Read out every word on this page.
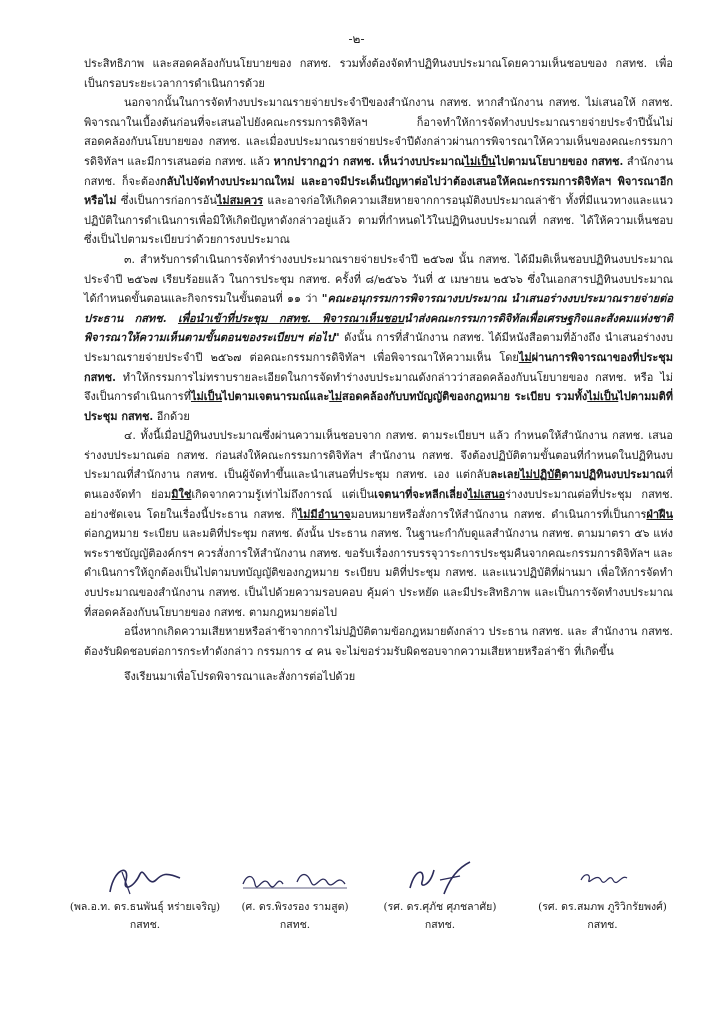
-๒-

ประสิทธิภาพ และสอดคล้องกับนโยบายของ กสทช. รวมทั้งต้องจัดทำปฏิทินงบประมาณโดยความเห็นชอบของ กสทช. เพื่อเป็นกรอบระยะเวลาการดำเนินการด้วย

นอกจากนั้นในการจัดทำงบประมาณรายจ่ายประจำปีของสำนักงาน กสทช. หากสำนักงาน กสทช. ไม่เสนอให้ กสทช. พิจารณาในเบื้องต้นก่อนที่จะเสนอไปยังคณะกรรมการดิจิทัลฯ ก็อาจทำให้การจัดทำงบประมาณรายจ่ายประจำปีนั้นไม่สอดคล้องกับนโยบายของ กสทช. และเมื่องบประมาณรายจ่ายประจำปีดังกล่าวผ่านการพิจารณาให้ความเห็นของคณะกรรมการดิจิทัลฯ และมีการเสนอต่อ กสทช. แล้ว หากปรากฏว่า กสทช. เห็นว่างบประมาณไม่เป็นไปตามนโยบายของ กสทช. สำนักงาน กสทช. ก็จะต้องกลับไปจัดทำงบประมาณใหม่ และอาจมีประเด็นปัญหาต่อไปว่าต้องเสนอให้คณะกรรมการดิจิทัลฯ พิจารณาอีกหรือไม่ ซึ่งเป็นการก่อการอันไม่สมควร และอาจก่อให้เกิดความเสียหายจากการอนุมัติงบประมาณล่าช้า ทั้งที่มีแนวทางและแนวปฏิบัติในการดำเนินการเพื่อมิให้เกิดปัญหาดังกล่าวอยู่แล้ว ตามที่กำหนดไว้ในปฏิทินงบประมาณที่ กสทช. ได้ให้ความเห็นชอบซึ่งเป็นไปตามระเบียบว่าด้วยการงบประมาณ

๓. สำหรับการดำเนินการจัดทำร่างงบประมาณรายจ่ายประจำปี ๒๕๖๗ นั้น กสทช. ได้มีมติเห็นชอบปฏิทินงบประมาณประจำปี ๒๕๖๗ เรียบร้อยแล้ว ในการประชุม กสทช. ครั้งที่ ๘/๒๕๖๖ วันที่ ๕ เมษายน ๒๕๖๖ ซึ่งในเอกสารปฏิทินงบประมาณได้กำหนดขั้นตอนและกิจกรรมในขั้นตอนที่ ๑๑ ว่า "คณะอนุกรรมการพิจารณางบประมาณ นำเสนอร่างงบประมาณรายจ่ายต่อ ประธาน กสทช. เพื่อนำเข้าที่ประชุม กสทช. พิจารณาเห็นชอบนำส่งคณะกรรมการดิจิทัลเพื่อเศรษฐกิจและสังคมแห่งชาติพิจารณาให้ความเห็นตามขั้นตอนของระเบียบฯ ต่อไป" ดังนั้น การที่สำนักงาน กสทช. ได้มีหนังสือตามที่อ้างถึง นำเสนอร่างงบประมาณรายจ่ายประจำปี ๒๕๖๗ ต่อคณะกรรมการดิจิทัลฯ เพื่อพิจารณาให้ความเห็น โดยไม่ผ่านการพิจารณาของที่ประชุม กสทช. ทำให้กรรมการไม่ทราบรายละเอียดในการจัดทำร่างงบประมาณดังกล่าวว่าสอดคล้องกับนโยบายของ กสทช. หรือ ไม่ จึงเป็นการดำเนินการที่ไม่เป็นไปตามเจตนารมณ์และไม่สอดคล้องกับบทบัญญัติของกฎหมาย ระเบียบ รวมทั้งไม่เป็นไปตามมติที่ประชุม กสทช. อีกด้วย

๔. ทั้งนี้เมื่อปฏิทินงบประมาณซึ่งผ่านความเห็นชอบจาก กสทช. ตามระเบียบฯ แล้ว กำหนดให้สำนักงาน กสทช. เสนอร่างงบประมาณต่อ กสทช. ก่อนส่งให้คณะกรรมการดิจิทัลฯ สำนักงาน กสทช. จึงต้องปฏิบัติตามขั้นตอนที่กำหนดในปฏิทินงบประมาณที่สำนักงาน กสทช. เป็นผู้จัดทำขึ้นและนำเสนอที่ประชุม กสทช. เอง แต่กลับละเลยไม่ปฏิบัติตามปฏิทินงบประมาณที่ตนเองจัดทำ ย่อมมิใช่เกิดจากความรู้เท่าไม่ถึงการณ์ แต่เป็นเจตนาที่จะหลีกเลี่ยงไม่เสนอร่างงบประมาณต่อที่ประชุม กสทช. อย่างชัดเจน โดยในเรื่องนี้ประธาน กสทช. ก็ไม่มีอำนาจมอบหมายหรือสั่งการให้สำนักงาน กสทช. ดำเนินการที่เป็นการฝ่าฝืนต่อกฎหมาย ระเบียบ และมติที่ประชุม กสทช. ดังนั้น ประธาน กสทช. ในฐานะกำกับดูแลสำนักงาน กสทช. ตามมาตรา ๕๖ แห่งพระราชบัญญัติองค์กรฯ ควรสั่งการให้สำนักงาน กสทช. ขอรับเรื่องการบรรจุวาระการประชุมคืนจากคณะกรรมการดิจิทัลฯ และดำเนินการให้ถูกต้องเป็นไปตามบทบัญญัติของกฎหมาย ระเบียบ มติที่ประชุม กสทช. และแนวปฏิบัติที่ผ่านมา เพื่อให้การจัดทำงบประมาณของสำนักงาน กสทช. เป็นไปด้วยความรอบคอบ คุ้มค่า ประหยัด และมีประสิทธิภาพ และเป็นการจัดทำงบประมาณที่สอดคล้องกับนโยบายของ กสทช. ตามกฎหมายต่อไป

อนึ่งหากเกิดความเสียหายหรือล่าช้าจากการไม่ปฏิบัติตามข้อกฎหมายดังกล่าว ประธาน กสทช. และ สำนักงาน กสทช. ต้องรับผิดชอบต่อการกระทำดังกล่าว กรรมการ ๔ คน จะไม่ขอร่วมรับผิดชอบจากความเสียหายหรือล่าช้า ที่เกิดขึ้น

จึงเรียนมาเพื่อโปรดพิจารณาและสั่งการต่อไปด้วย

(พล.อ.ท. ดร.ธนพันธุ์ หร่ายเจริญ)
กสทช.
(ศ. ดร.พิรงรอง รามสูต)
กสทช.
(รศ. ดร.ศุภัช ศุภชลาศัย)
กสทช.
(รศ. ดร.สมภพ ภูริวิกรัยพงศ์)
กสทช.
